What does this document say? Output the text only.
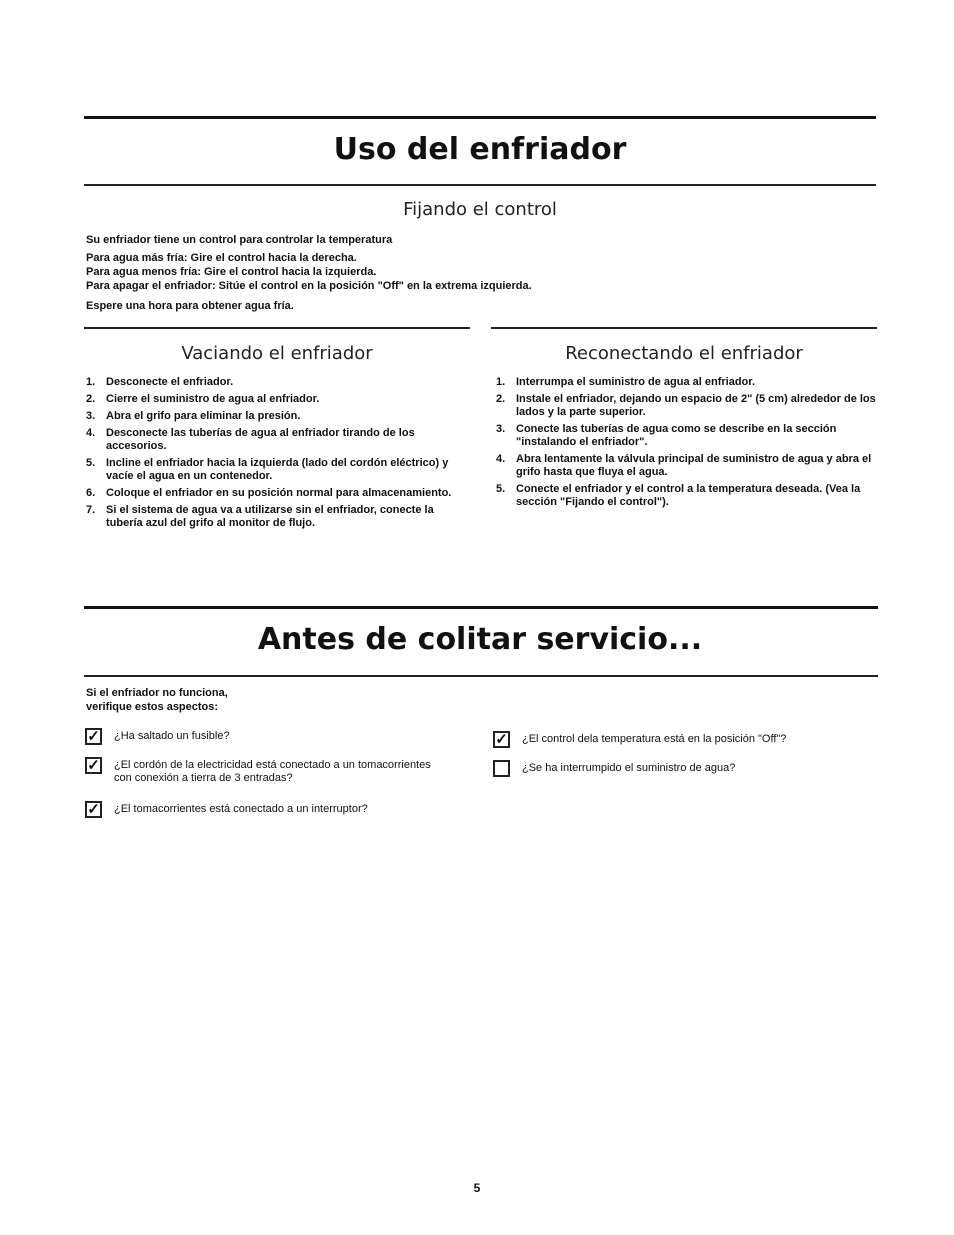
Uso del enfriador
Fijando el control

Su enfriador tiene un control para controlar la temperatura

Para agua más fría: Gire el control hacia la derecha.

Para agua menos fría: Gire el control hacia la izquierda.

Para apagar el enfriador: Sitúe el control en la posición "Off" en la extrema izquierda.

Espere una hora para obtener agua fría.

Vaciando el enfriador	Reconectando el enfriador
1. Desconecte el enfriador.
2. Cierre el suministro de agua al enfriador.
3. Abra el grifo para eliminar la presión.
4. Desconecte las tuberías de agua al enfriador tirando de los accesorios.
5. Incline el enfriador hacia la izquierda (lado del cordón eléctrico) y vacíe el agua en un contenedor.
6. Coloque el enfriador en su posición normal para almacenamiento.
7. Si el sistema de agua va a utilizarse sin el enfriador, conecte la tubería azul del grifo al monitor de flujo.
1. Interrumpa el suministro de agua al enfriador.
2. Instale el enfriador, dejando un espacio de 2" (5 cm) alrededor de los lados y la parte superior.
3. Conecte las tuberías de agua como se describe en la sección "instalando el enfriador".
4. Abra lentamente la válvula principal de suministro de agua y abra el grifo hasta que fluya el agua.
5. Conecte el enfriador y el control a la temperatura deseada. (Vea la sección "Fijando el control").
Antes de colitar servicio...
Si el enfriador no funciona,
verifique estos aspectos:
✓ ¿Ha saltado un fusible?
✓ ¿El cordón de la electricidad está conectado a un tomacorrientes con conexión a tierra de 3 entradas?
✓ ¿El tomacorrientes está conectado a un interruptor?
✓ ¿El control dela temperatura está en la posición "Off"?
¿Se ha interrumpido el suministro de agua?
5
